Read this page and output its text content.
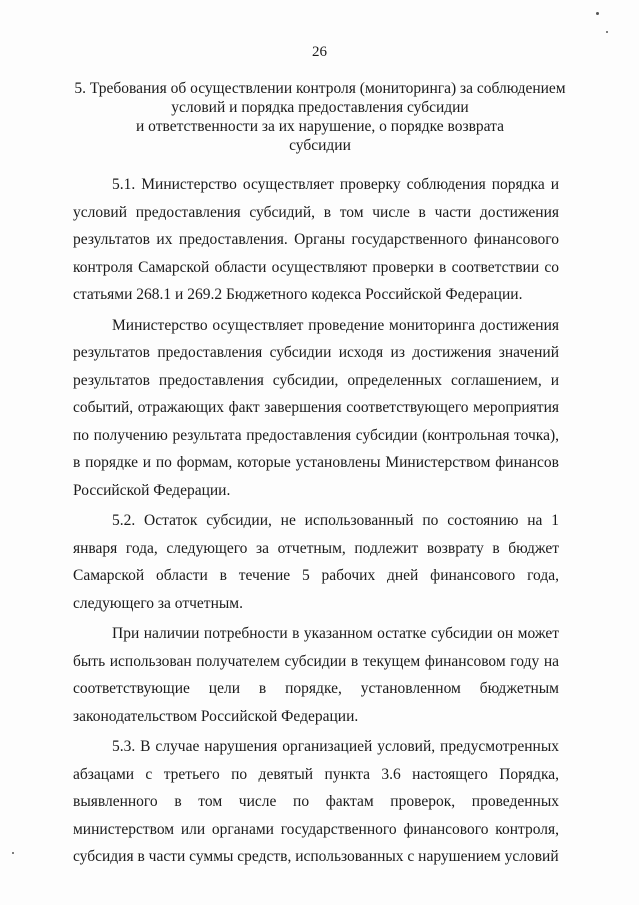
26
5. Требования об осуществлении контроля (мониторинга) за соблюдением
условий и порядка предоставления субсидии
и ответственности за их нарушение, о порядке возврата
субсидии

5.1. Министерство осуществляет проверку соблюдения порядка и условий предоставления субсидий, в том числе в части достижения результатов их предоставления. Органы государственного финансового контроля Самарской области осуществляют проверки в соответствии со статьями 268.1 и 269.2 Бюджетного кодекса Российской Федерации.

Министерство осуществляет проведение мониторинга достижения результатов предоставления субсидии исходя из достижения значений результатов предоставления субсидии, определенных соглашением, и событий, отражающих факт завершения соответствующего мероприятия по получению результата предоставления субсидии (контрольная точка), в порядке и по формам, которые установлены Министерством финансов Российской Федерации.

5.2. Остаток субсидии, не использованный по состоянию на 1 января года, следующего за отчетным, подлежит возврату в бюджет Самарской области в течение 5 рабочих дней финансового года, следующего за отчетным.

При наличии потребности в указанном остатке субсидии он может быть использован получателем субсидии в текущем финансовом году на соответствующие цели в порядке, установленном бюджетным законодательством Российской Федерации.

5.3. В случае нарушения организацией условий, предусмотренных абзацами с третьего по девятый пункта 3.6 настоящего Порядка, выявленного в том числе по фактам проверок, проведенных министерством или органами государственного финансового контроля, субсидия в части суммы средств, использованных с нарушением условий
